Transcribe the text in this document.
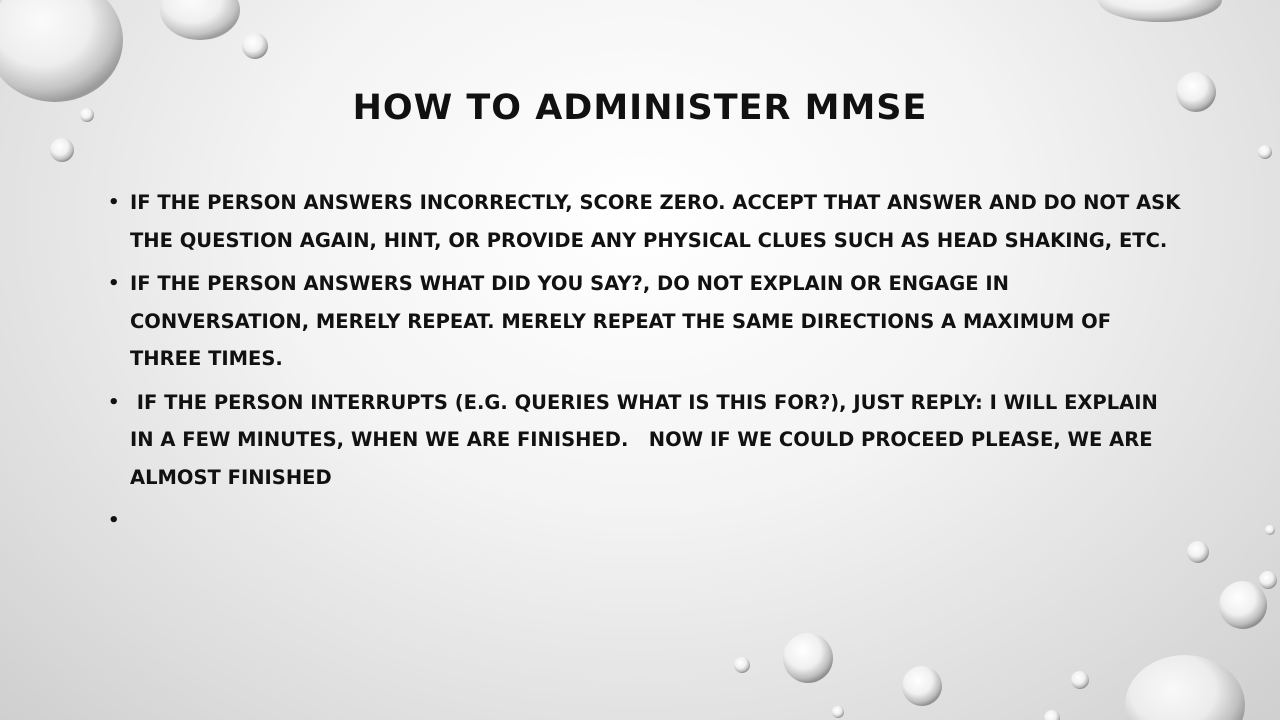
HOW TO ADMINISTER MMSE
• IF THE PERSON ANSWERS INCORRECTLY, SCORE ZERO. ACCEPT THAT ANSWER AND DO NOT ASK THE QUESTION AGAIN, HINT, OR PROVIDE ANY PHYSICAL CLUES SUCH AS HEAD SHAKING, ETC.
• IF THE PERSON ANSWERS WHAT DID YOU SAY?, DO NOT EXPLAIN OR ENGAGE IN CONVERSATION, MERELY REPEAT. MERELY REPEAT THE SAME DIRECTIONS A MAXIMUM OF THREE TIMES.
•  IF THE PERSON INTERRUPTS (E.G. QUERIES WHAT IS THIS FOR?), JUST REPLY: I WILL EXPLAIN IN A FEW MINUTES, WHEN WE ARE FINISHED.   NOW IF WE COULD PROCEED PLEASE, WE ARE ALMOST FINISHED
•
